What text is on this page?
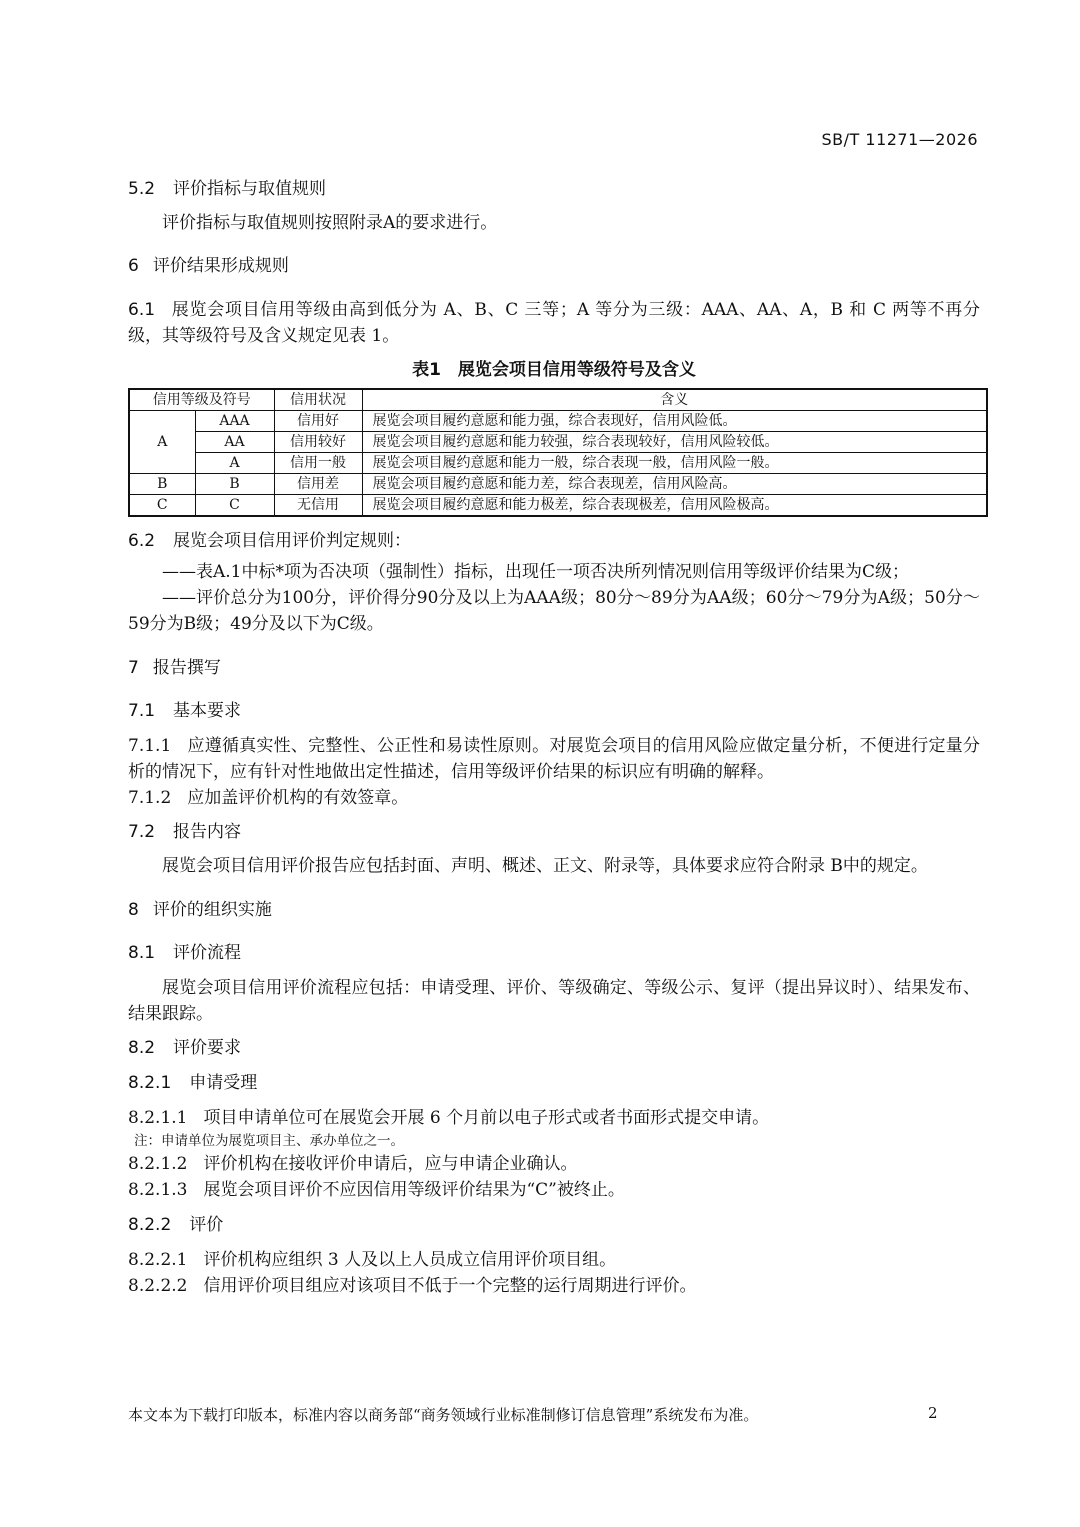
SB/T 11271—2026
5.2 评价指标与取值规则

评价指标与取值规则按照附录A的要求进行。

6 评价结果形成规则

6.1 展览会项目信用等级由高到低分为 A、B、C 三等；A 等分为三级：AAA、AA、A，B 和 C 两等不再分级，其等级符号及含义规定见表 1。

表1　展览会项目信用等级符号及含义

信用等级及符号		信用状况	含义
A	AAA	信用好	展览会项目履约意愿和能力强，综合表现好，信用风险低。
	AA	信用较好	展览会项目履约意愿和能力较强，综合表现较好，信用风险较低。
	A	信用一般	展览会项目履约意愿和能力一般，综合表现一般，信用风险一般。
B	B	信用差	展览会项目履约意愿和能力差，综合表现差，信用风险高。
C	C	无信用	展览会项目履约意愿和能力极差，综合表现极差，信用风险极高。
6.2 展览会项目信用评价判定规则：

——表A.1中标*项为否决项（强制性）指标，出现任一项否决所列情况则信用等级评价结果为C级；

——评价总分为100分，评价得分90分及以上为AAA级；80分～89分为AA级；60分～79分为A级；50分～59分为B级；49分及以下为C级。

7 报告撰写
7.1 基本要求

7.1.1 应遵循真实性、完整性、公正性和易读性原则。对展览会项目的信用风险应做定量分析，不便进行定量分析的情况下，应有针对性地做出定性描述，信用等级评价结果的标识应有明确的解释。

7.1.2 应加盖评价机构的有效签章。

7.2 报告内容

展览会项目信用评价报告应包括封面、声明、概述、正文、附录等，具体要求应符合附录 B中的规定。

8 评价的组织实施
8.1 评价流程

展览会项目信用评价流程应包括：申请受理、评价、等级确定、等级公示、复评（提出异议时）、结果发布、结果跟踪。

8.2 评价要求
8.2.1 申请受理

8.2.1.1 项目申请单位可在展览会开展 6 个月前以电子形式或者书面形式提交申请。

注：申请单位为展览项目主、承办单位之一。

8.2.1.2 评价机构在接收评价申请后，应与申请企业确认。

8.2.1.3 展览会项目评价不应因信用等级评价结果为“C”被终止。

8.2.2 评价

8.2.2.1 评价机构应组织 3 人及以上人员成立信用评价项目组。

8.2.2.2 信用评价项目组应对该项目不低于一个完整的运行周期进行评价。

本文本为下载打印版本，标准内容以商务部“商务领域行业标准制修订信息管理”系统发布为准。	2
